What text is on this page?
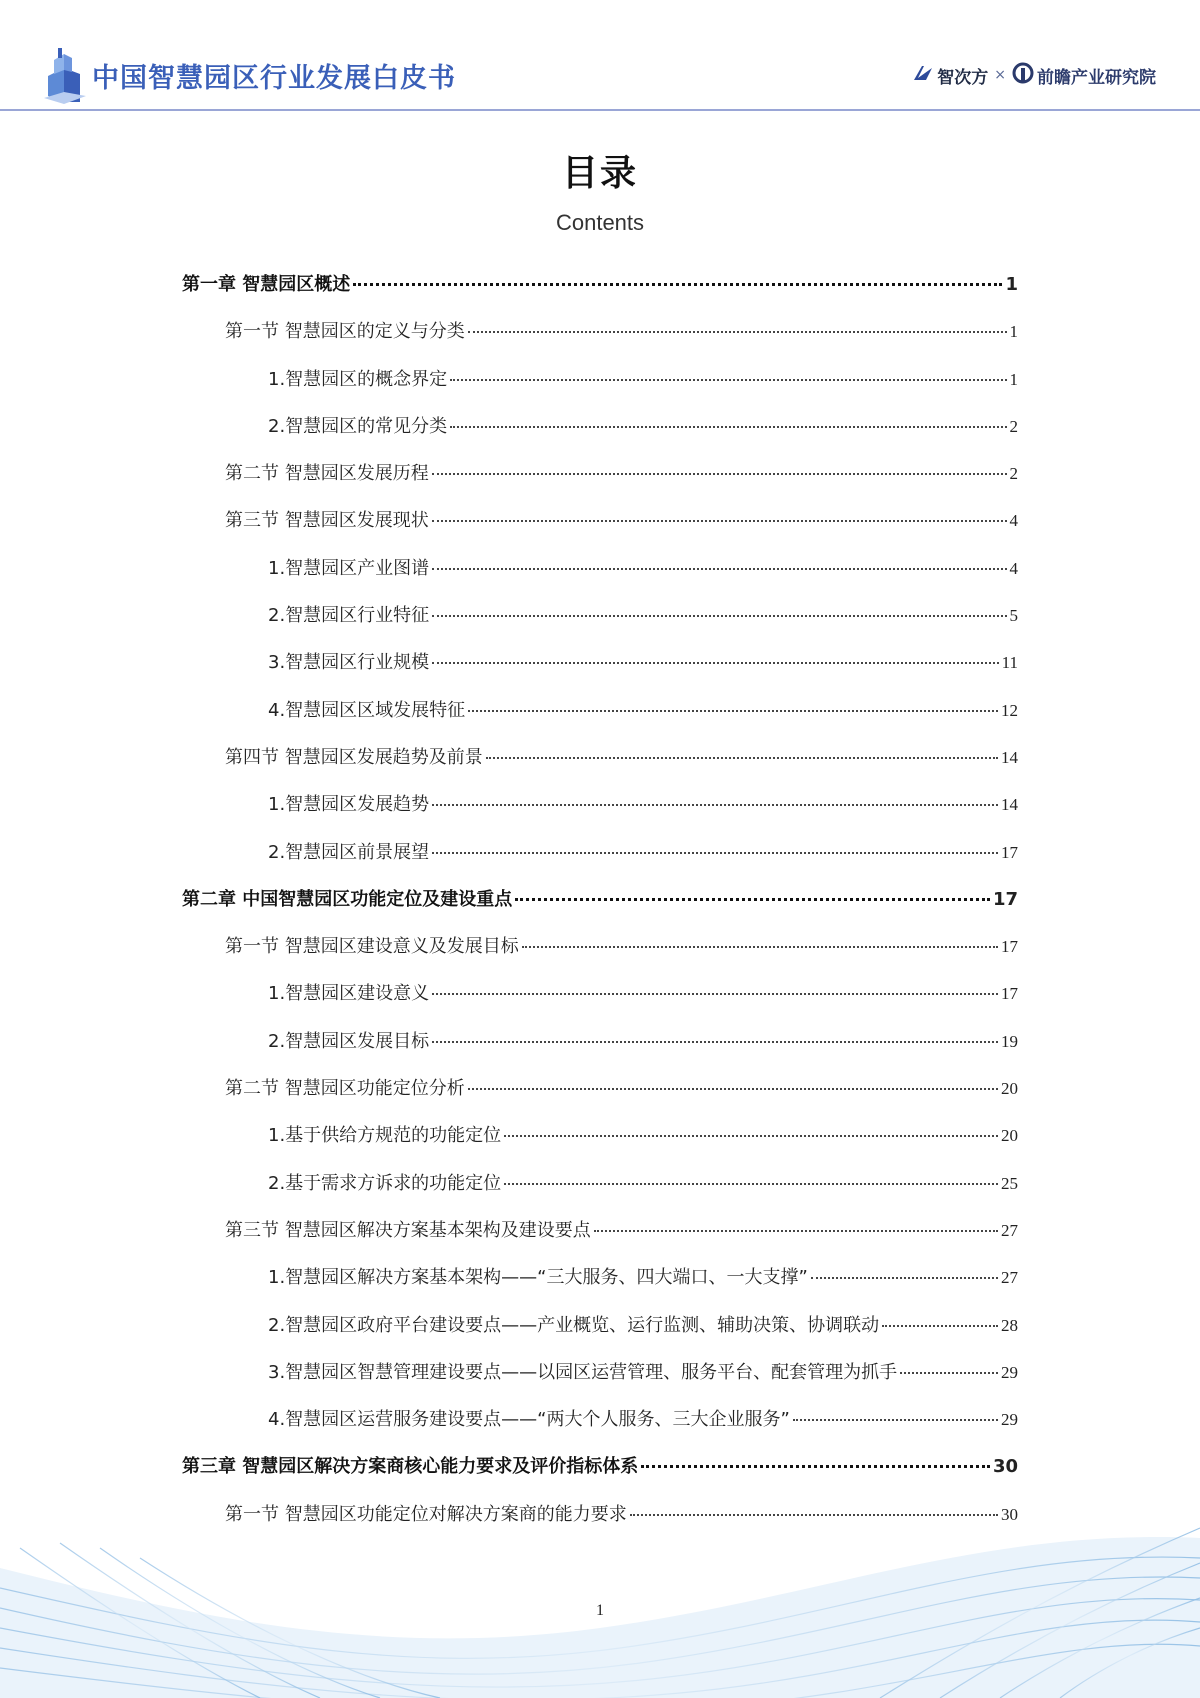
中国智慧园区行业发展白皮书	智次方 × 前瞻产业研究院
目录
Contents
第一章 智慧园区概述	1
第一节 智慧园区的定义与分类	1
1.智慧园区的概念界定	1
2.智慧园区的常见分类	2
第二节 智慧园区发展历程	2
第三节 智慧园区发展现状	4
1.智慧园区产业图谱	4
2.智慧园区行业特征	5
3.智慧园区行业规模	11
4.智慧园区区域发展特征	12
第四节 智慧园区发展趋势及前景	14
1.智慧园区发展趋势	14
2.智慧园区前景展望	17
第二章 中国智慧园区功能定位及建设重点	17
第一节 智慧园区建设意义及发展目标	17
1.智慧园区建设意义	17
2.智慧园区发展目标	19
第二节 智慧园区功能定位分析	20
1.基于供给方规范的功能定位	20
2.基于需求方诉求的功能定位	25
第三节 智慧园区解决方案基本架构及建设要点	27
1.智慧园区解决方案基本架构——“三大服务、四大端口、一大支撑”	27
2.智慧园区政府平台建设要点——产业概览、运行监测、辅助决策、协调联动	28
3.智慧园区智慧管理建设要点——以园区运营管理、服务平台、配套管理为抓手	29
4.智慧园区运营服务建设要点——“两大个人服务、三大企业服务”	29
第三章 智慧园区解决方案商核心能力要求及评价指标体系	30
第一节 智慧园区功能定位对解决方案商的能力要求	30
1
